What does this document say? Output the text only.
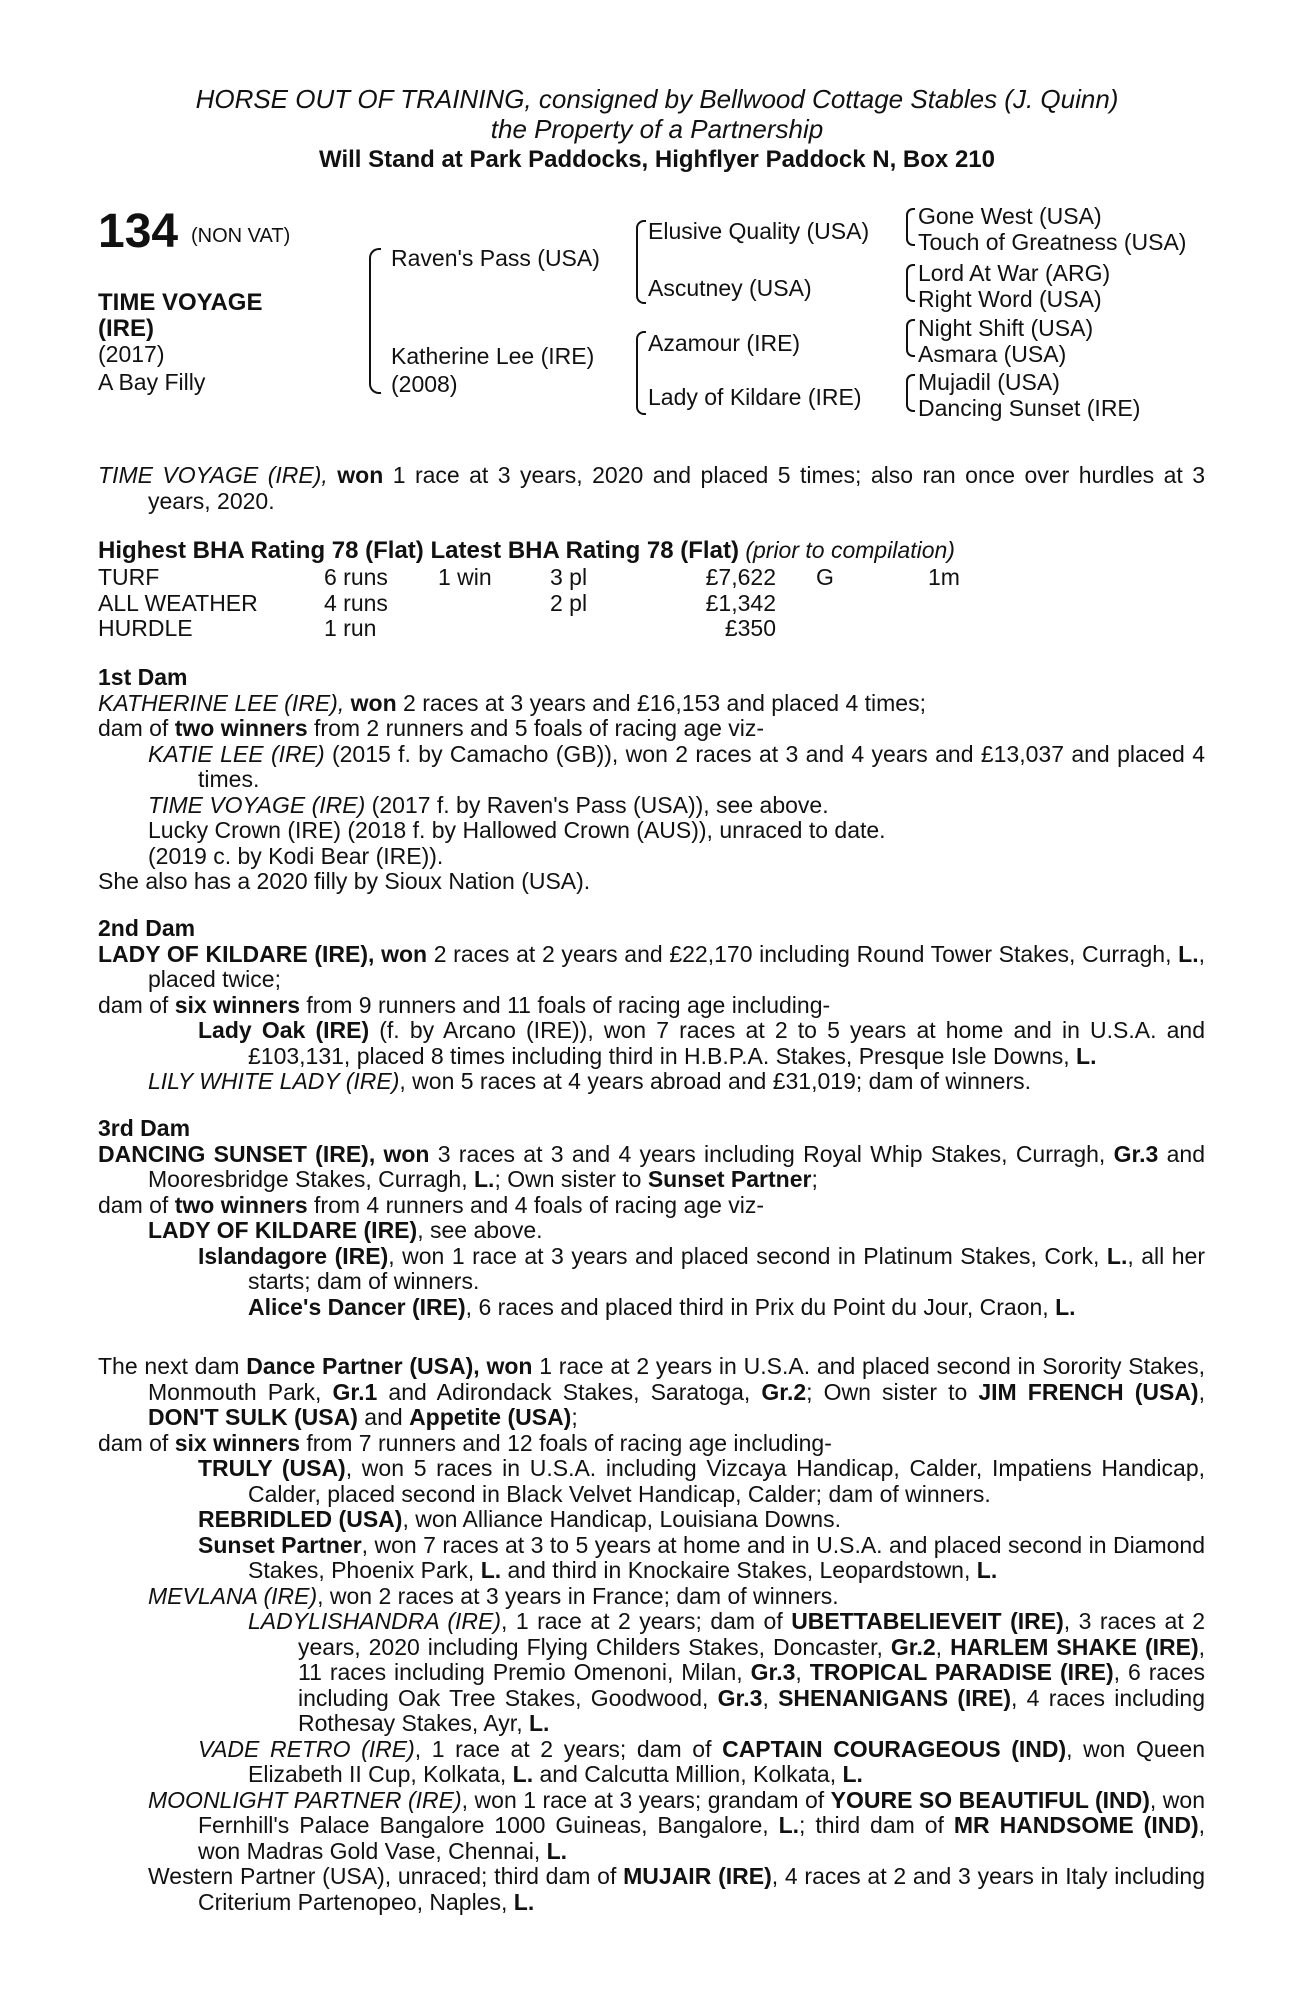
HORSE OUT OF TRAINING, consigned by Bellwood Cottage Stables (J. Quinn)
the Property of a Partnership
Will Stand at Park Paddocks, Highflyer Paddock N, Box 210
134 (NON VAT)
TIME VOYAGE
(IRE)
(2017)
A Bay Filly
Raven's Pass (USA)
Katherine Lee (IRE)
(2008)
Elusive Quality (USA)
Ascutney (USA)
Azamour (IRE)
Lady of Kildare (IRE)
Gone West (USA)
Touch of Greatness (USA)
Lord At War (ARG)
Right Word (USA)
Night Shift (USA)
Asmara (USA)
Mujadil (USA)
Dancing Sunset (IRE)

TIME VOYAGE (IRE), won 1 race at 3 years, 2020 and placed 5 times; also ran once over hurdles at 3 years, 2020.

Highest BHA Rating 78 (Flat) Latest BHA Rating 78 (Flat) (prior to compilation)

TURF	6 runs	1 win	3 pl	£7,622	G	1m
ALL WEATHER	4 runs		2 pl	£1,342		
HURDLE	1 run			£350		

1st Dam

KATHERINE LEE (IRE), won 2 races at 3 years and £16,153 and placed 4 times;

dam of two winners from 2 runners and 5 foals of racing age viz-

KATIE LEE (IRE) (2015 f. by Camacho (GB)), won 2 races at 3 and 4 years and £13,037 and placed 4 times.

TIME VOYAGE (IRE) (2017 f. by Raven's Pass (USA)), see above.

Lucky Crown (IRE) (2018 f. by Hallowed Crown (AUS)), unraced to date.

(2019 c. by Kodi Bear (IRE)).

She also has a 2020 filly by Sioux Nation (USA).

2nd Dam

LADY OF KILDARE (IRE), won 2 races at 2 years and £22,170 including Round Tower Stakes, Curragh, L., placed twice;

dam of six winners from 9 runners and 11 foals of racing age including-

Lady Oak (IRE) (f. by Arcano (IRE)), won 7 races at 2 to 5 years at home and in U.S.A. and £103,131, placed 8 times including third in H.B.P.A. Stakes, Presque Isle Downs, L.

LILY WHITE LADY (IRE), won 5 races at 4 years abroad and £31,019; dam of winners.

3rd Dam

DANCING SUNSET (IRE), won 3 races at 3 and 4 years including Royal Whip Stakes, Curragh, Gr.3 and Mooresbridge Stakes, Curragh, L.; Own sister to Sunset Partner;

dam of two winners from 4 runners and 4 foals of racing age viz-

LADY OF KILDARE (IRE), see above.

Islandagore (IRE), won 1 race at 3 years and placed second in Platinum Stakes, Cork, L., all her starts; dam of winners.

Alice's Dancer (IRE), 6 races and placed third in Prix du Point du Jour, Craon, L.

The next dam Dance Partner (USA), won 1 race at 2 years in U.S.A. and placed second in Sorority Stakes, Monmouth Park, Gr.1 and Adirondack Stakes, Saratoga, Gr.2; Own sister to JIM FRENCH (USA), DON'T SULK (USA) and Appetite (USA);

dam of six winners from 7 runners and 12 foals of racing age including-

TRULY (USA), won 5 races in U.S.A. including Vizcaya Handicap, Calder, Impatiens Handicap, Calder, placed second in Black Velvet Handicap, Calder; dam of winners.

REBRIDLED (USA), won Alliance Handicap, Louisiana Downs.

Sunset Partner, won 7 races at 3 to 5 years at home and in U.S.A. and placed second in Diamond Stakes, Phoenix Park, L. and third in Knockaire Stakes, Leopardstown, L.

MEVLANA (IRE), won 2 races at 3 years in France; dam of winners.

LADYLISHANDRA (IRE), 1 race at 2 years; dam of UBETTABELIEVEIT (IRE), 3 races at 2 years, 2020 including Flying Childers Stakes, Doncaster, Gr.2, HARLEM SHAKE (IRE), 11 races including Premio Omenoni, Milan, Gr.3, TROPICAL PARADISE (IRE), 6 races including Oak Tree Stakes, Goodwood, Gr.3, SHENANIGANS (IRE), 4 races including Rothesay Stakes, Ayr, L.

VADE RETRO (IRE), 1 race at 2 years; dam of CAPTAIN COURAGEOUS (IND), won Queen Elizabeth II Cup, Kolkata, L. and Calcutta Million, Kolkata, L.

MOONLIGHT PARTNER (IRE), won 1 race at 3 years; grandam of YOURE SO BEAUTIFUL (IND), won Fernhill's Palace Bangalore 1000 Guineas, Bangalore, L.; third dam of MR HANDSOME (IND), won Madras Gold Vase, Chennai, L.

Western Partner (USA), unraced; third dam of MUJAIR (IRE), 4 races at 2 and 3 years in Italy including Criterium Partenopeo, Naples, L.
